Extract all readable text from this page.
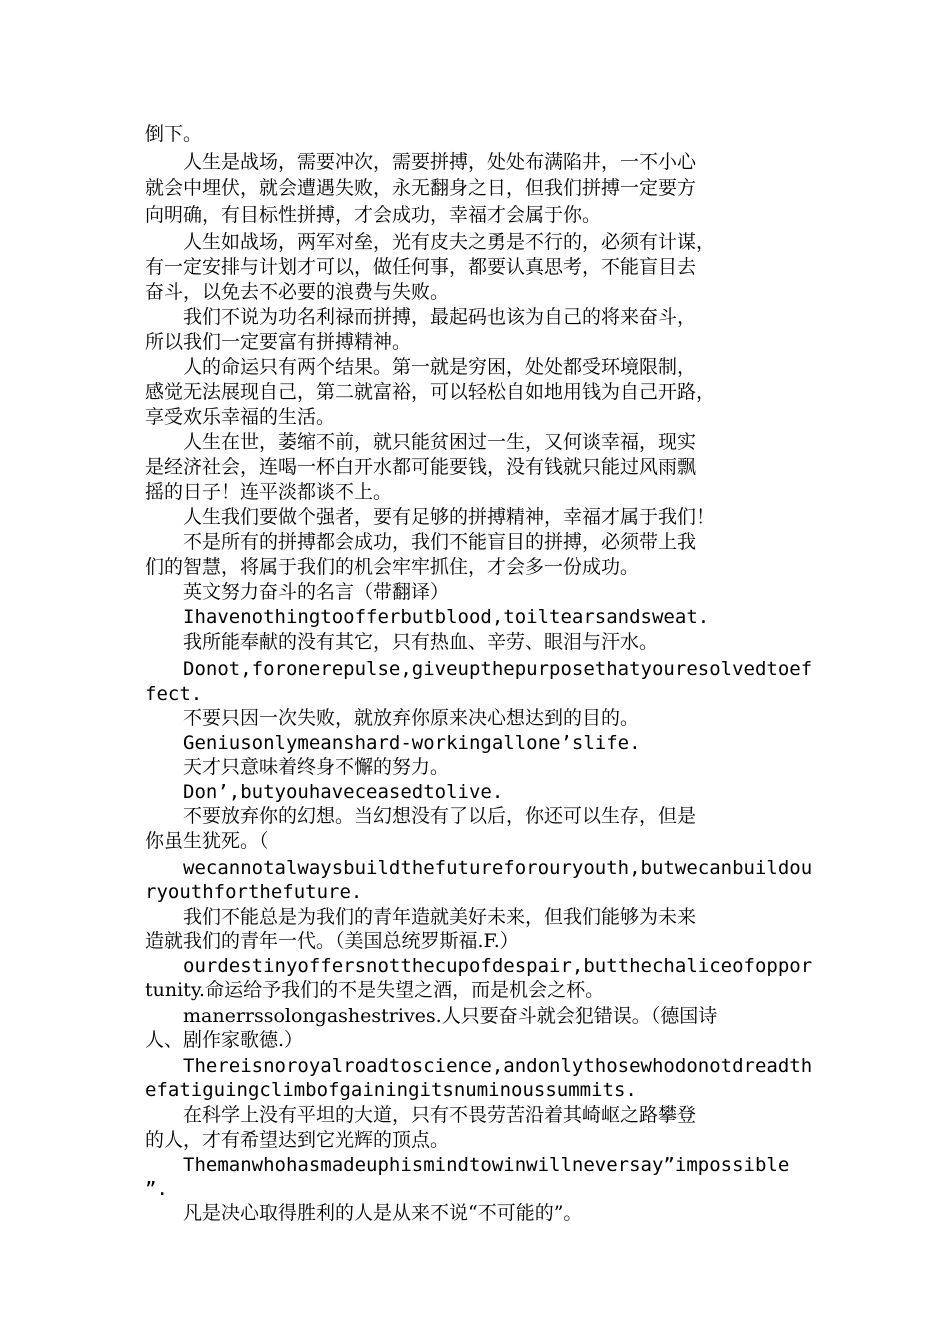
倒下。
　　人生是战场，需要冲次，需要拼搏，处处布满陷井，一不小心
就会中埋伏，就会遭遇失败，永无翻身之日，但我们拼搏一定要方
向明确，有目标性拼搏，才会成功，幸福才会属于你。
　　人生如战场，两军对垒，光有皮夫之勇是不行的，必须有计谋，
有一定安排与计划才可以，做任何事，都要认真思考，不能盲目去
奋斗，以免去不必要的浪费与失败。
　　我们不说为功名利禄而拼搏，最起码也该为自己的将来奋斗，
所以我们一定要富有拼搏精神。
　　人的命运只有两个结果。第一就是穷困，处处都受环境限制，
感觉无法展现自己，第二就富裕，可以轻松自如地用钱为自己开路，
享受欢乐幸福的生活。
　　人生在世，萎缩不前，就只能贫困过一生，又何谈幸福，现实
是经济社会，连喝一杯白开水都可能要钱，没有钱就只能过风雨飘
摇的日子！连平淡都谈不上。
　　人生我们要做个强者，要有足够的拼搏精神，幸福才属于我们！
　　不是所有的拼搏都会成功，我们不能盲目的拼搏，必须带上我
们的智慧，将属于我们的机会牢牢抓住，才会多一份成功。
　　英文努力奋斗的名言（带翻译）
　　Ihavenothingtoofferbutblood,toiltearsandsweat.
　　我所能奉献的没有其它，只有热血、辛劳、眼泪与汗水。
　　Donot,foronerepulse,giveupthepurposethatyouresolvedtoef
fect.
　　不要只因一次失败，就放弃你原来决心想达到的目的。
　　Geniusonlymeanshard-workingallone’slife.
　　天才只意味着终身不懈的努力。
　　Don’,butyouhaveceasedtolive.
　　不要放弃你的幻想。当幻想没有了以后，你还可以生存，但是
你虽生犹死。（
　　wecannotalwaysbuildthefutureforouryouth,butwecanbuildou
ryouthforthefuture.
　　我们不能总是为我们的青年造就美好未来，但我们能够为未来
造就我们的青年一代。（美国总统罗斯福.F.）
　　ourdestinyoffersnotthecupofdespair,butthechaliceofoppor
tunity.命运给予我们的不是失望之酒，而是机会之杯。
　　manerrssolongashestrives.人只要奋斗就会犯错误。（德国诗
人、剧作家歌德.）
　　Thereisnoroyalroadtoscience,andonlythosewhodonotdreadth
efatiguingclimbofgainingitsnuminoussummits.
　　在科学上没有平坦的大道，只有不畏劳苦沿着其崎岖之路攀登
的人，才有希望达到它光辉的顶点。
　　Themanwhohasmadeuphismindtowinwillneversay”impossible
”.
　　凡是决心取得胜利的人是从来不说“不可能的”。
